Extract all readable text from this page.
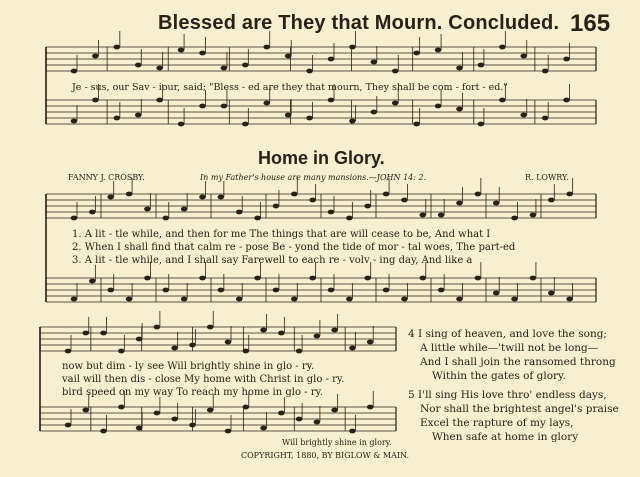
Blessed are They that Mourn. Concluded. 165
Je - sus, our Sav - iour, said; "Bless - ed are they that mourn, They shall be com - fort - ed."
Home in Glory.
FANNY J. CROSBY.	In my Father's house are many mansions.—JOHN 14: 2.	R. LOWRY.
1. A lit - tle while, and then for me The things that are will cease to be, And what I
2. When I shall find that calm re - pose Be - yond the tide of mor - tal woes, The part-ed
3. A lit - tle while, and I shall say Farewell to each re - volv - ing day, And like a
now but dim - ly see Will brightly shine in glo - ry.
vail will then dis - close My home with Christ in glo - ry.
bird speed on my way To reach my home in glo - ry.
4 I sing of heaven, and love the song;
A little while—'twill not be long—
And I shall join the ransomed throng
Within the gates of glory.
5 I'll sing His love thro' endless days,
Nor shall the brightest angel's praise
Excel the rapture of my lays,
When safe at home in glory
Will brightly shine in glory.
COPYRIGHT, 1880, BY BIGLOW & MAIN.
